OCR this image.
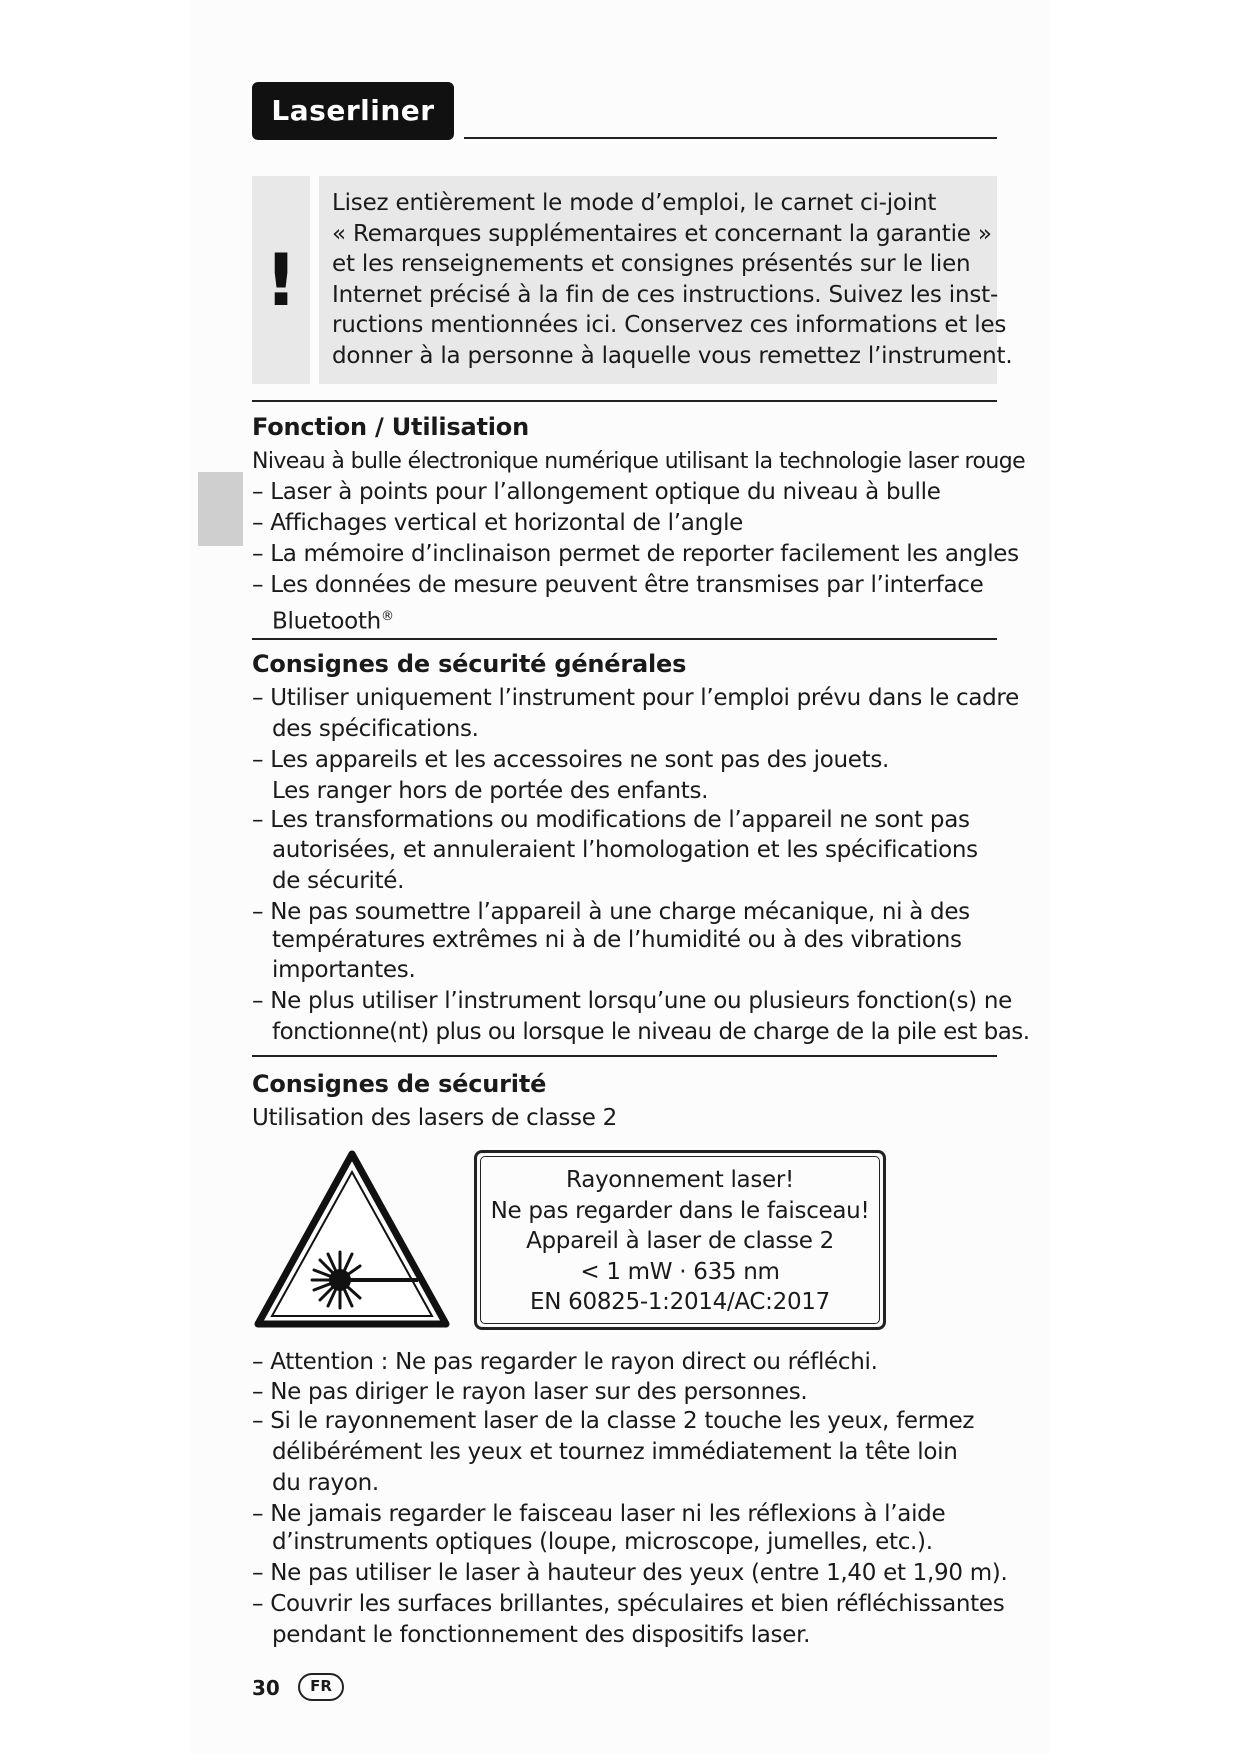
Laserliner
!
Lisez entièrement le mode d’emploi, le carnet ci-joint
« Remarques supplémentaires et concernant la garantie »
et les renseignements et consignes présentés sur le lien
Internet précisé à la fin de ces instructions. Suivez les inst-
ructions mentionnées ici. Conservez ces informations et les
donner à la personne à laquelle vous remettez l’instrument.
Fonction / Utilisation
Niveau à bulle électronique numérique utilisant la technologie laser rouge
– Laser à points pour l’allongement optique du niveau à bulle
– Affichages vertical et horizontal de l’angle
– La mémoire d’inclinaison permet de reporter facilement les angles
– Les données de mesure peuvent être transmises par l’interface
Bluetooth®
Consignes de sécurité générales
– Utiliser uniquement l’instrument pour l’emploi prévu dans le cadre
des spécifications.
– Les appareils et les accessoires ne sont pas des jouets.
Les ranger hors de portée des enfants.
– Les transformations ou modifications de l’appareil ne sont pas
autorisées, et annuleraient l’homologation et les spécifications
de sécurité.
– Ne pas soumettre l’appareil à une charge mécanique, ni à des
températures extrêmes ni à de l’humidité ou à des vibrations
importantes.
– Ne plus utiliser l’instrument lorsqu’une ou plusieurs fonction(s) ne
fonctionne(nt) plus ou lorsque le niveau de charge de la pile est bas.
Consignes de sécurité
Utilisation des lasers de classe 2
Rayonnement laser!
Ne pas regarder dans le faisceau!
Appareil à laser de classe 2
< 1 mW · 635 nm
EN 60825-1:2014/AC:2017
– Attention : Ne pas regarder le rayon direct ou réfléchi.
– Ne pas diriger le rayon laser sur des personnes.
– Si le rayonnement laser de la classe 2 touche les yeux, fermez
délibérément les yeux et tournez immédiatement la tête loin
du rayon.
– Ne jamais regarder le faisceau laser ni les réflexions à l’aide
d’instruments optiques (loupe, microscope, jumelles, etc.).
– Ne pas utiliser le laser à hauteur des yeux (entre 1,40 et 1,90 m).
– Couvrir les surfaces brillantes, spéculaires et bien réfléchissantes
pendant le fonctionnement des dispositifs laser.
30	FR
